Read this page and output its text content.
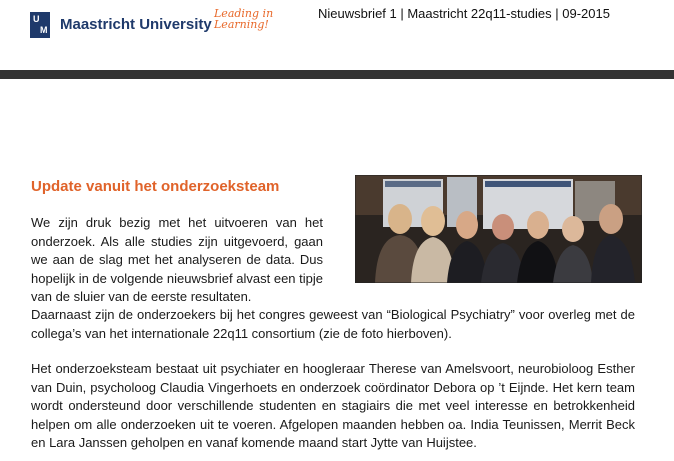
U
M Maastricht University
Leading in Learning!
Nieuwsbrief 1 | Maastricht 22q11-studies | 09-2015
Update vanuit het onderzoeksteam
We zijn druk bezig met het uitvoeren van het onderzoek. Als alle studies zijn uitgevoerd, gaan we aan de slag met het analyseren de data. Dus hopelijk in de volgende nieuwsbrief alvast een tipje van de sluier van de eerste resultaten.
Daarnaast zijn de onderzoekers bij het congres geweest van “Biological Psychiatry” voor overleg met de collega’s van het internationale 22q11 consortium (zie de foto hierboven).
Het onderzoeksteam bestaat uit psychiater en hoogleraar Therese van Amelsvoort, neurobioloog Esther van Duin, psycholoog Claudia Vingerhoets en onderzoek coördinator Debora op ’t Eijnde. Het kern team wordt ondersteund door verschillende studenten en stagiairs die met veel interesse en betrokkenheid helpen om alle onderzoeken uit te voeren. Afgelopen maanden hebben oa. India Teunissen, Merrit Beck en Lara Janssen geholpen en vanaf komende maand start Jytte van Huijstee.
